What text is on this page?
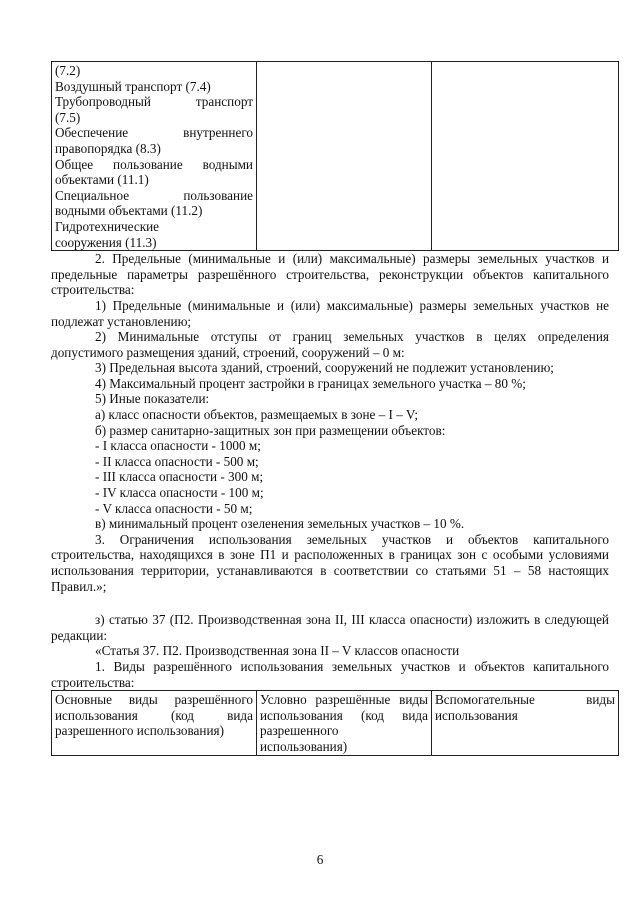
(7.2)
Воздушный транспорт (7.4)
Трубопроводный транспорт
(7.5)
Обеспечение внутреннего
правопорядка (8.3)
Общее пользование водными
объектами (11.1)
Специальное пользование
водными объектами (11.2)
Гидротехнические
сооружения (11.3)

2. Предельные (минимальные и (или) максимальные) размеры земельных участков и предельные параметры разрешённого строительства, реконструкции объектов капитального строительства:

1) Предельные (минимальные и (или) максимальные) размеры земельных участков не подлежат установлению;

2) Минимальные отступы от границ земельных участков в целях определения допустимого размещения зданий, строений, сооружений – 0 м:

3) Предельная высота зданий, строений, сооружений не подлежит установлению;

4) Максимальный процент застройки в границах земельного участка – 80 %;

5) Иные показатели:

а) класс опасности объектов, размещаемых в зоне – I – V;

б) размер санитарно-защитных зон при размещении объектов:

- I класса опасности - 1000 м;

- II класса опасности - 500 м;

- III класса опасности - 300 м;

- IV класса опасности - 100 м;

- V класса опасности - 50 м;

в) минимальный процент озеленения земельных участков – 10 %.

3. Ограничения использования земельных участков и объектов капитального строительства, находящихся в зоне П1 и расположенных в границах зон с особыми условиями использования территории, устанавливаются в соответствии со статьями 51 – 58 настоящих Правил.»;

з) статью 37 (П2. Производственная зона II, III класса опасности) изложить в следующей редакции:

«Статья 37. П2. Производственная зона II – V классов опасности

1. Виды разрешённого использования земельных участков и объектов капитального строительства:

Основные виды разрешённого использования (код вида разрешенного использования)	Условно разрешённые виды использования (код вида разрешенного использования)	Вспомогательные виды использования
6
